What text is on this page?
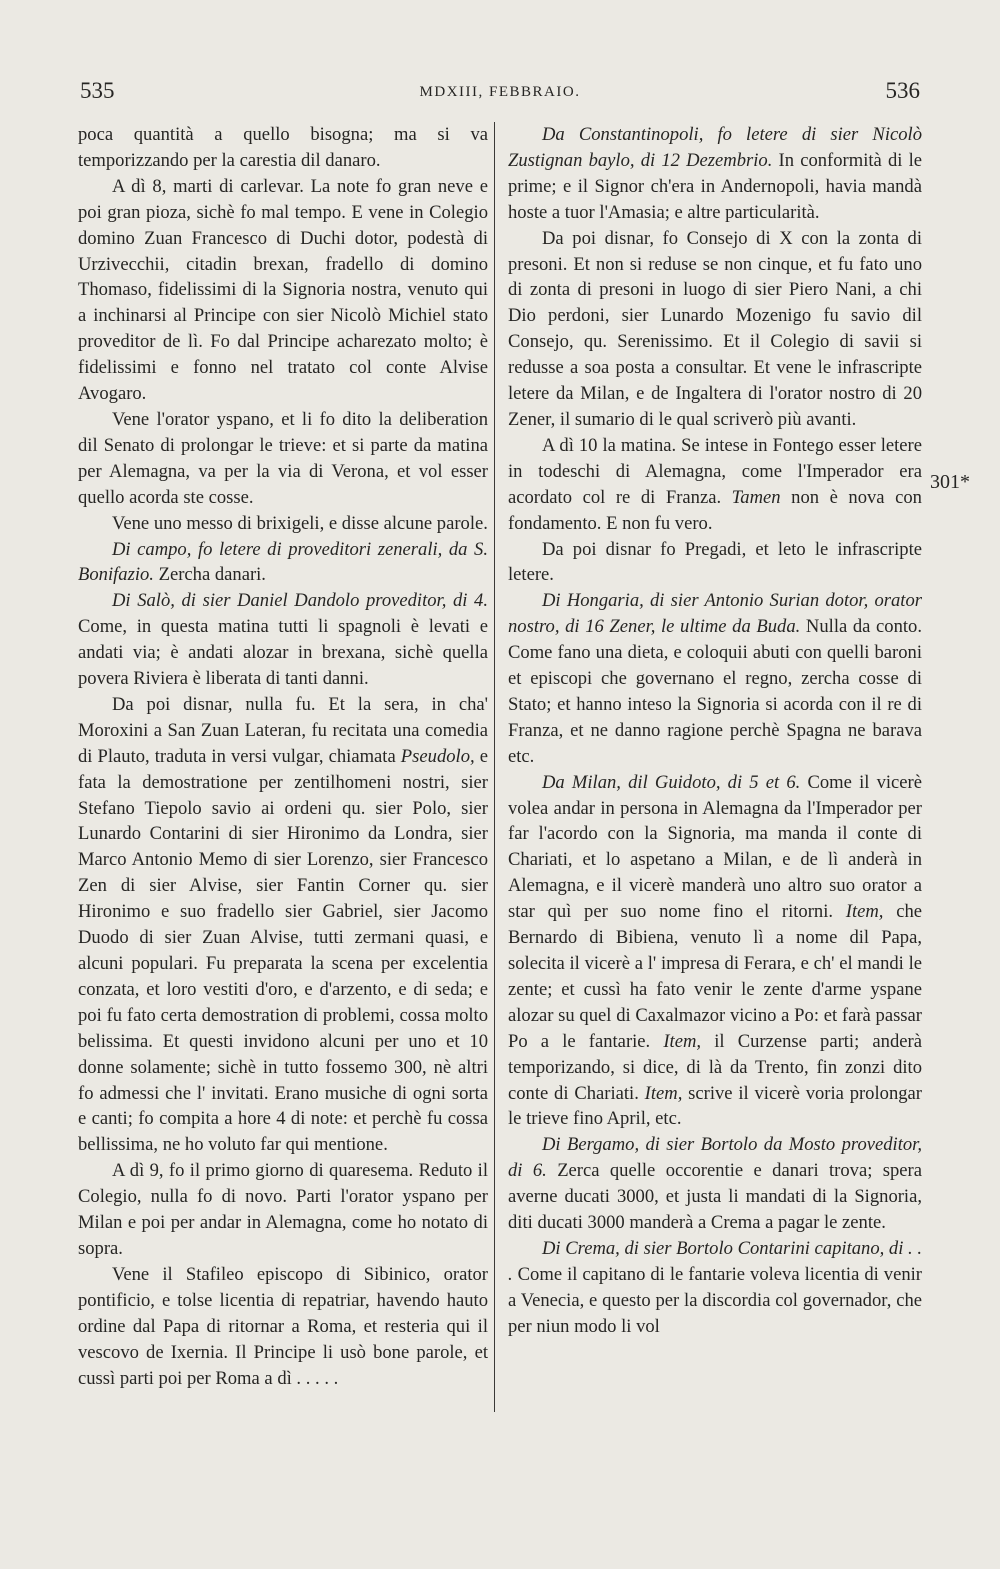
535	MDXIII, FEBBRAIO.	536

poca quantità a quello bisogna; ma si va temporizzando per la carestia dil danaro.

A dì 8, marti di carlevar. La note fo gran neve e poi gran pioza, sichè fo mal tempo. E vene in Colegio domino Zuan Francesco di Duchi dotor, podestà di Urzivecchii, citadin brexan, fradello di domino Thomaso, fidelissimi di la Signoria nostra, venuto qui a inchinarsi al Principe con sier Nicolò Michiel stato proveditor de lì. Fo dal Principe acharezato molto; è fidelissimi e fonno nel tratato col conte Alvise Avogaro.

Vene l'orator yspano, et li fo dito la deliberation dil Senato di prolongar le trieve: et si parte da matina per Alemagna, va per la via di Verona, et vol esser quello acorda ste cosse.

Vene uno messo di brixigeli, e disse alcune parole.

Di campo, fo letere di proveditori zenerali, da S. Bonifazio. Zercha danari.

Di Salò, di sier Daniel Dandolo proveditor, di 4. Come, in questa matina tutti li spagnoli è levati e andati via; è andati alozar in brexana, sichè quella povera Riviera è liberata di tanti danni.

Da poi disnar, nulla fu. Et la sera, in cha' Moroxini a San Zuan Lateran, fu recitata una comedia di Plauto, traduta in versi vulgar, chiamata Pseudolo, e fata la demostratione per zentilhomeni nostri, sier Stefano Tiepolo savio ai ordeni qu. sier Polo, sier Lunardo Contarini di sier Hironimo da Londra, sier Marco Antonio Memo di sier Lorenzo, sier Francesco Zen di sier Alvise, sier Fantin Corner qu. sier Hironimo e suo fradello sier Gabriel, sier Jacomo Duodo di sier Zuan Alvise, tutti zermani quasi, e alcuni populari. Fu preparata la scena per excelentia conzata, et loro vestiti d'oro, e d'arzento, e di seda; e poi fu fato certa demostration di problemi, cossa molto belissima. Et questi invidono alcuni per uno et 10 donne solamente; sichè in tutto fossemo 300, nè altri fo admessi che l' invitati. Erano musiche di ogni sorta e canti; fo compita a hore 4 di note: et perchè fu cossa bellissima, ne ho voluto far qui mentione.

A dì 9, fo il primo giorno di quaresema. Reduto il Colegio, nulla fo di novo. Parti l'orator yspano per Milan e poi per andar in Alemagna, come ho notato di sopra.

Vene il Stafileo episcopo di Sibinico, orator pontificio, e tolse licentia di repatriar, havendo hauto ordine dal Papa di ritornar a Roma, et resteria qui il vescovo de Ixernia. Il Principe li usò bone parole, et cussì parti poi per Roma a dì . . . . .

Da Constantinopoli, fo letere di sier Nicolò Zustignan baylo, di 12 Dezembrio. In conformità di le prime; e il Signor ch'era in Andernopoli, havia mandà hoste a tuor l'Amasia; e altre particularità.

Da poi disnar, fo Consejo di X con la zonta di presoni. Et non si reduse se non cinque, et fu fato uno di zonta di presoni in luogo di sier Piero Nani, a chi Dio perdoni, sier Lunardo Mozenigo fu savio dil Consejo, qu. Serenissimo. Et il Colegio di savii si redusse a soa posta a consultar. Et vene le infrascripte letere da Milan, e de Ingaltera di l'orator nostro di 20 Zener, il sumario di le qual scriverò più avanti.

A dì 10 la matina. Se intese in Fontego esser letere in todeschi di Alemagna, come l'Imperador era acordato col re di Franza. Tamen non è nova con fondamento. E non fu vero.

Da poi disnar fo Pregadi, et leto le infrascripte letere.

Di Hongaria, di sier Antonio Surian dotor, orator nostro, di 16 Zener, le ultime da Buda. Nulla da conto. Come fano una dieta, e coloquii abuti con quelli baroni et episcopi che governano el regno, zercha cosse di Stato; et hanno inteso la Signoria si acorda con il re di Franza, et ne danno ragione perchè Spagna ne barava etc.

Da Milan, dil Guidoto, di 5 et 6. Come il vicerè volea andar in persona in Alemagna da l'Imperador per far l'acordo con la Signoria, ma manda il conte di Chariati, et lo aspetano a Milan, e de lì anderà in Alemagna, e il vicerè manderà uno altro suo orator a star quì per suo nome fino el ritorni. Item, che Bernardo di Bibiena, venuto lì a nome dil Papa, solecita il vicerè a l' impresa di Ferara, e ch' el mandi le zente; et cussì ha fato venir le zente d'arme yspane alozar su quel di Caxalmazor vicino a Po: et farà passar Po a le fantarie. Item, il Curzense parti; anderà temporizando, si dice, di là da Trento, fin zonzi dito conte di Chariati. Item, scrive il vicerè voria prolongar le trieve fino April, etc.

Di Bergamo, di sier Bortolo da Mosto proveditor, di 6. Zerca quelle occorentie e danari trova; spera averne ducati 3000, et justa li mandati di la Signoria, diti ducati 3000 manderà a Crema a pagar le zente.

Di Crema, di sier Bortolo Contarini capitano, di . . . Come il capitano di le fantarie voleva licentia di venir a Venecia, e questo per la discordia col governador, che per niun modo li vol

301*
